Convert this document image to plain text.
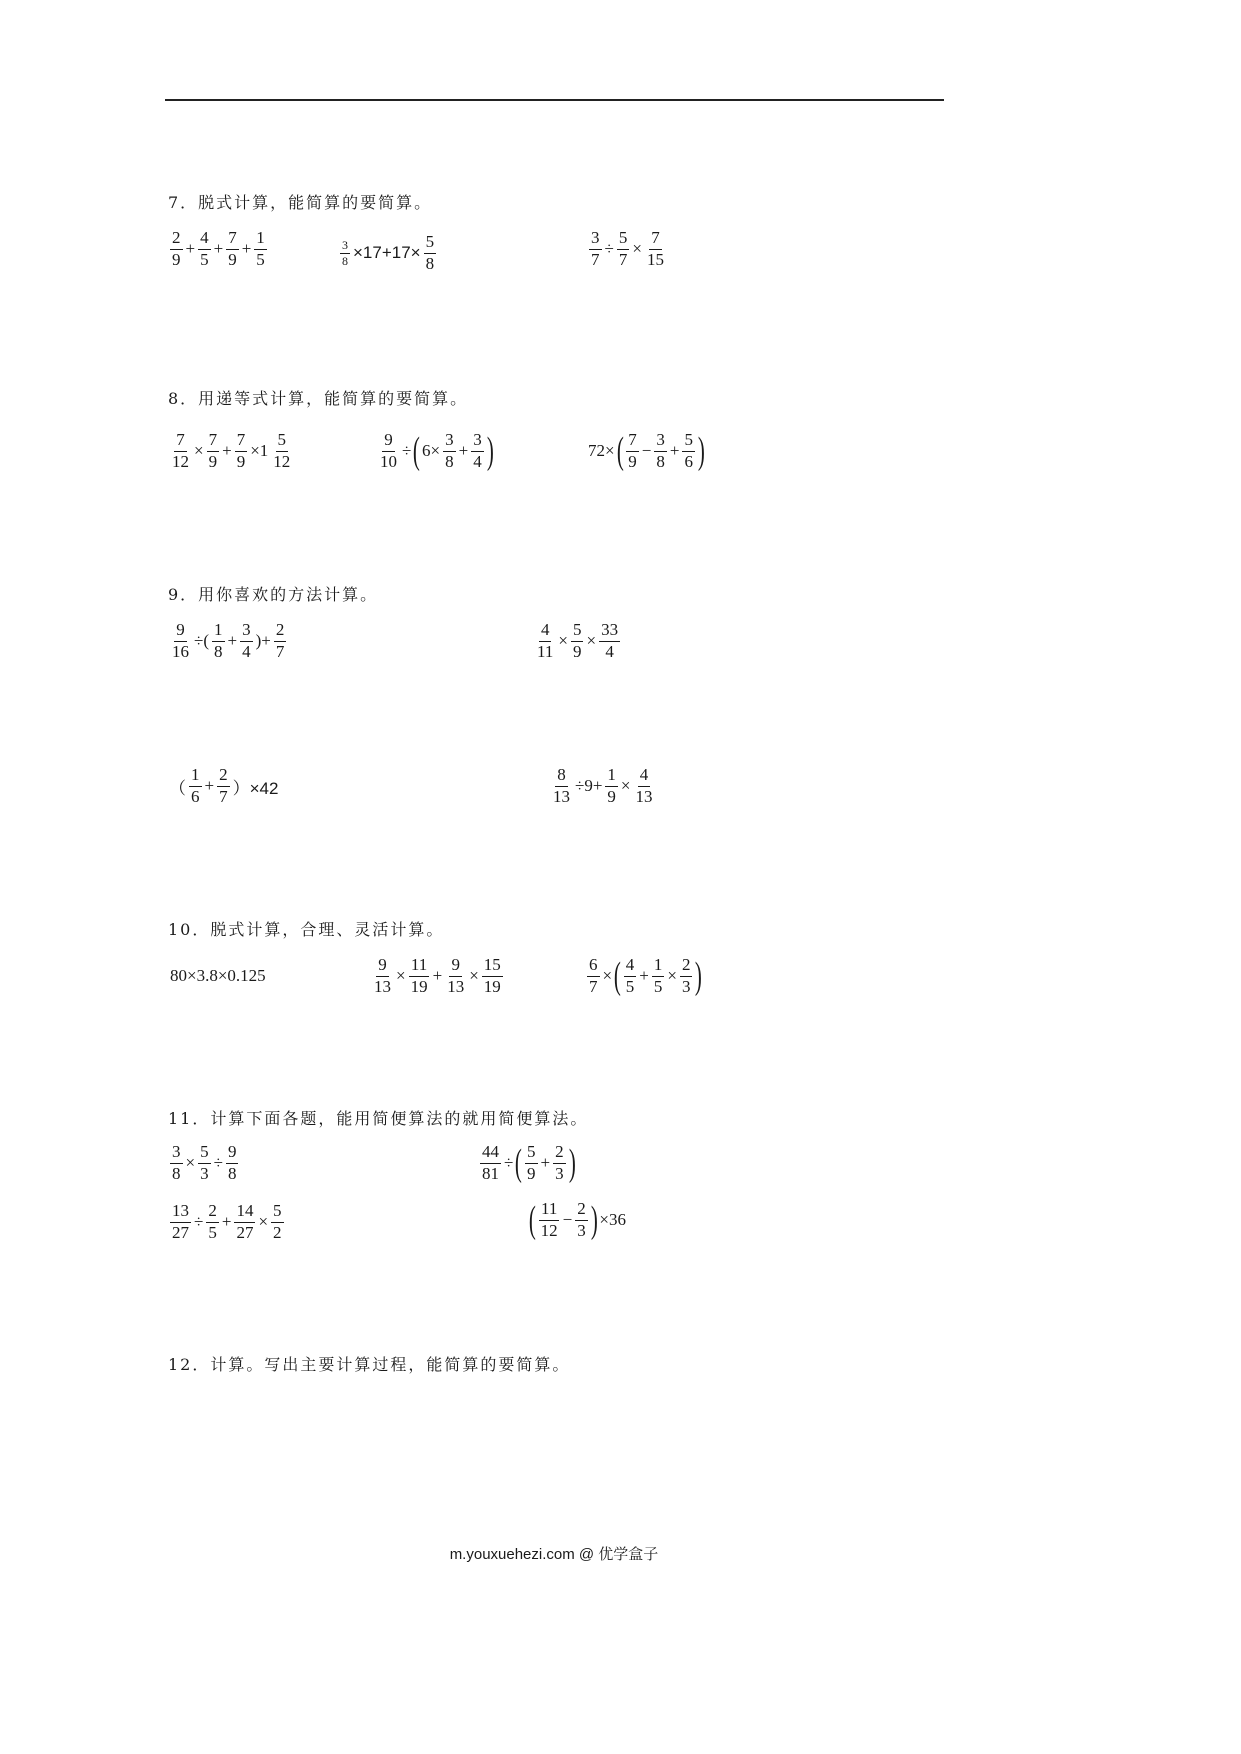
7．脱式计算，能简算的要简算。
$\frac{2}{9} + \frac{4}{5} + \frac{7}{9} + \frac{1}{5}$	$\frac{3}{8} \times 17+17\times \frac{5}{8}$	$\frac{3}{7} \div \frac{5}{7} \times \frac{7}{15}$
8．用递等式计算，能简算的要简算。
$\frac{7}{12} \times \frac{7}{9} + \frac{7}{9} \times 1 \frac{5}{12}$	$\frac{9}{10}$ ÷ ( $6\times \frac{3}{8} + \frac{3}{4}$ )	72× ( $\frac{7}{9} - \frac{3}{8} + \frac{5}{6}$ )
9．用你喜欢的方法计算。
$\frac{9}{16}$ ÷( $\frac{1}{8} + \frac{3}{4}$ )+ $\frac{2}{7}$	$\frac{4}{11} \times \frac{5}{9} \times \frac{33}{4}$
（ $\frac{1}{6} + \frac{2}{7} )\times 42$	$\frac{8}{13} \div 9+ \frac{1}{9} \times \frac{4}{13}$
10．脱式计算，合理、灵活计算。
80×3.8×0.125	$\frac{9}{13} \times \frac{11}{19} + \frac{9}{13} \times \frac{15}{19}$	$\frac{6}{7}$ × ( $\frac{4}{5} + \frac{1}{5} \times \frac{2}{3}$ )
11．计算下面各题，能用简便算法的就用简便算法。
$\frac{3}{8} \times \frac{5}{3} \div \frac{9}{8}$	$\frac{44}{81}$ ÷ ( $\frac{5}{9} + \frac{2}{3}$ )
$\frac{13}{27} \div \frac{2}{5} + \frac{14}{27} \times \frac{5}{2}$	( $\frac{11}{12} - \frac{2}{3}$ ) ×36
12．计算。写出主要计算过程，能简算的要简算。
m.youxuehezi.com @ 优学盒子
